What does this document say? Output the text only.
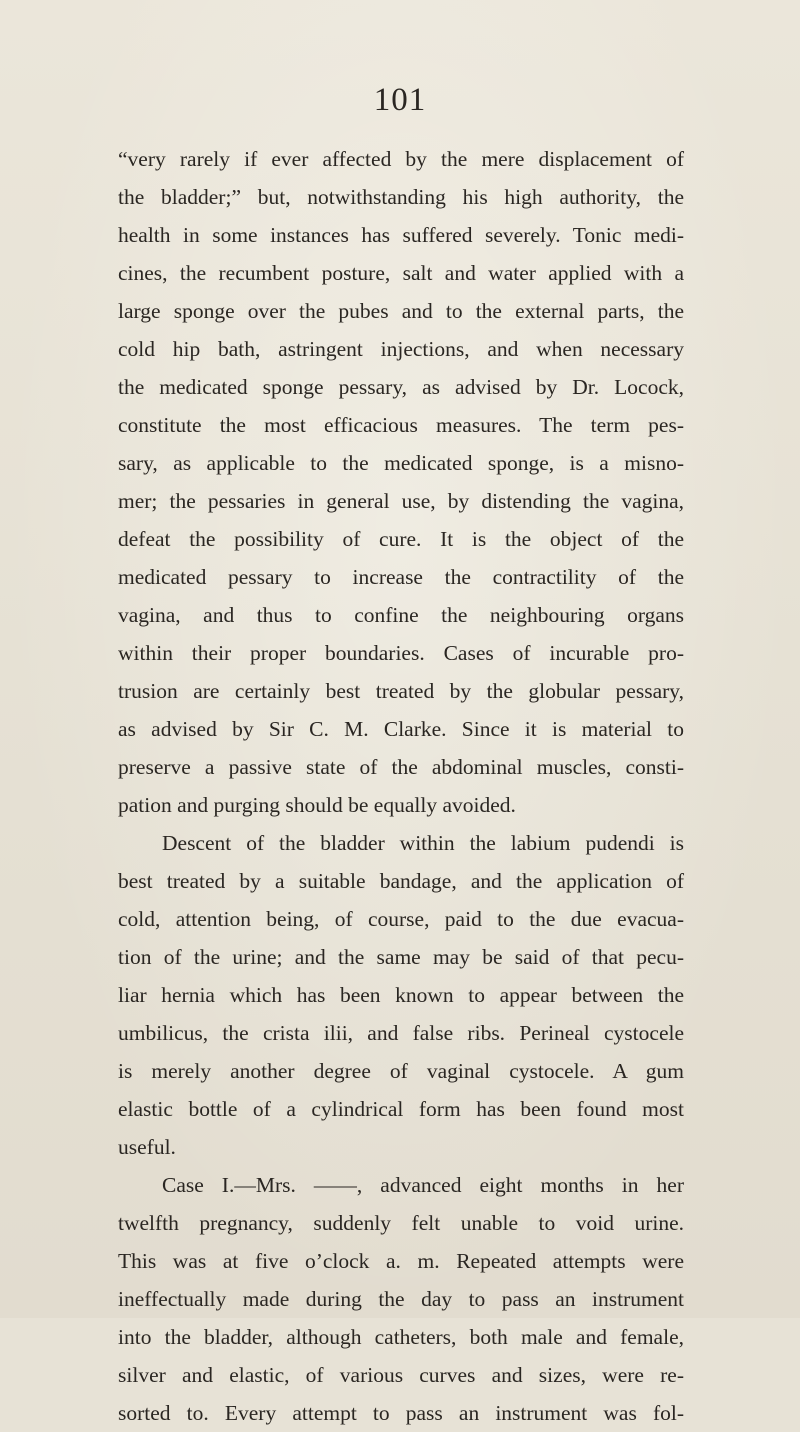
101

“very rarely if ever affected by the mere displacement of
the bladder;” but, notwithstanding his high authority, the
health in some instances has suffered severely. Tonic medi-
cines, the recumbent posture, salt and water applied with a
large sponge over the pubes and to the external parts, the
cold hip bath, astringent injections, and when necessary
the medicated sponge pessary, as advised by Dr. Locock,
constitute the most efficacious measures. The term pes-
sary, as applicable to the medicated sponge, is a misno-
mer; the pessaries in general use, by distending the vagina,
defeat the possibility of cure. It is the object of the
medicated pessary to increase the contractility of the
vagina, and thus to confine the neighbouring organs
within their proper boundaries. Cases of incurable pro-
trusion are certainly best treated by the globular pessary,
as advised by Sir C. M. Clarke. Since it is material to
preserve a passive state of the abdominal muscles, consti-
pation and purging should be equally avoided.

Descent of the bladder within the labium pudendi is
best treated by a suitable bandage, and the application of
cold, attention being, of course, paid to the due evacua-
tion of the urine; and the same may be said of that pecu-
liar hernia which has been known to appear between the
umbilicus, the crista ilii, and false ribs. Perineal cystocele
is merely another degree of vaginal cystocele. A gum
elastic bottle of a cylindrical form has been found most
useful.

Case I.—Mrs. ——, advanced eight months in her
twelfth pregnancy, suddenly felt unable to void urine.
This was at five o’clock a. m. Repeated attempts were
ineffectually made during the day to pass an instrument
into the bladder, although catheters, both male and female,
silver and elastic, of various curves and sizes, were re-
sorted to. Every attempt to pass an instrument was fol-
